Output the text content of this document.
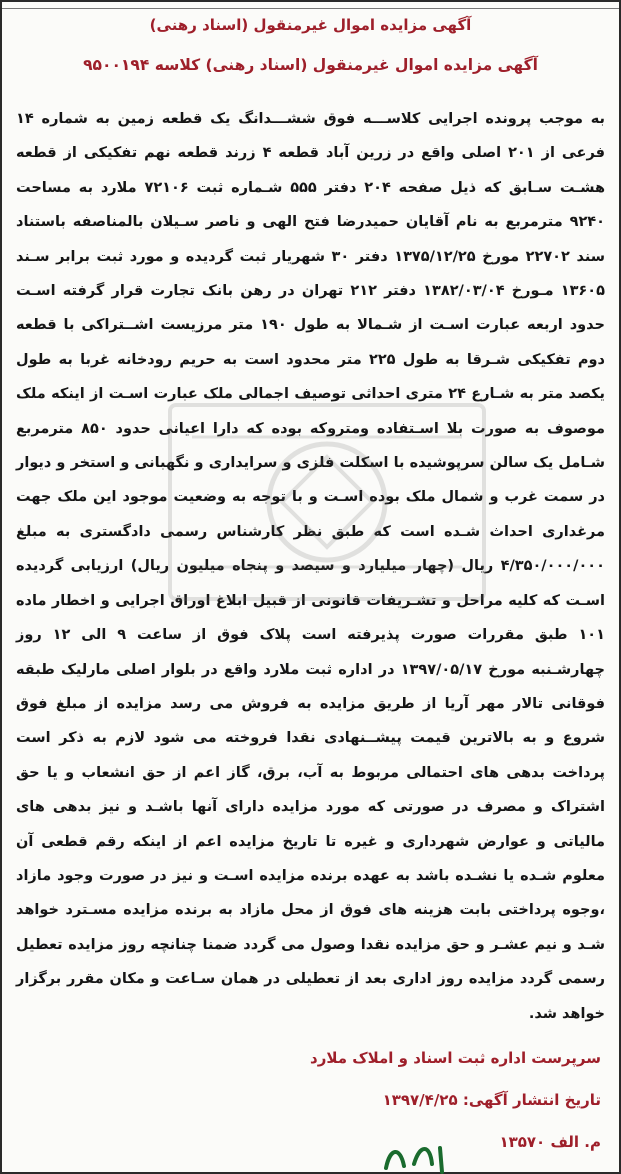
آگهی مزایده اموال غیرمنقول (اسناد رهنی)
آگهی مزایده اموال غیرمنقول (اسناد رهنی) کلاسه ۹۵۰۰۱۹۴
به موجب پرونده اجرایی کلاســـه فوق ششـــدانگ یک قطعه زمین به شماره ۱۴ فرعی از ۲۰۱ اصلی واقع در زرین آباد قطعه ۴ زرند قطعه نهم تفکیکی از قطعه هشـت سـابق که ذیل صفحه ۲۰۴ دفتر ۵۵۵ شـماره ثبت ۷۲۱۰۶ ملارد به مساحت ۹۲۴۰ مترمربع به نام آقایان حمیدرضا فتح الهی و ناصر سـیلان بالمناصفه باستناد سند ۲۲۷۰۲ مورخ ۱۳۷۵/۱۲/۲۵ دفتر ۳۰ شهریار ثبت گردیده و مورد ثبت برابر سـند ۱۳۶۰۵ مـورخ ۱۳۸۲/۰۳/۰۴ دفتر ۲۱۲ تهران در رهن بانک تجارت قرار گرفته اسـت حدود اربعه عبارت اسـت از شـمالا به طول ۱۹۰ متر مرزیست اشــتراکی با قطعه دوم تفکیکی شـرقا به طول ۲۲۵ متر محدود است به حریم رودخانه غربا به طول یکصد متر به شـارع ۲۴ متری احداثی توصیف اجمالی ملک عبارت اسـت از اینکه ملک موصوف به صورت بلا اسـتفاده ومتروکه بوده که دارا اعیانی حدود ۸۵۰ مترمربع شـامل یک سالن سرپوشیده با اسکلت فلزی و سرایداری و نگهبانی و استخر و دیوار در سمت غرب و شمال ملک بوده اسـت و با توجه به وضعیت موجود این ملک جهت مرغداری احداث شـده است که طبق نظر کارشناس رسمی دادگستری به مبلغ ۴/۳۵۰/۰۰۰/۰۰۰ ریال (چهار میلیارد و سیصد و پنجاه میلیون ریال) ارزیابی گردیده اسـت که کلیه مراحل و تشـریفات قانونی از قبیل ابلاغ اوراق اجرایی و اخطار ماده ۱۰۱ طبق مقررات صورت پذیرفته است پلاک فوق از ساعت ۹ الی ۱۲ روز چهارشـنبه مورخ ۱۳۹۷/۰۵/۱۷ در اداره ثبت ملارد واقع در بلوار اصلی مارلیک طبقه فوقانی تالار مهر آریا از طریق مزایده به فروش می رسد مزایده از مبلغ فوق شروع و به بالاترین قیمت پیشــنهادی نقدا فروخته می شود لازم به ذکر است پرداخت بدهی های احتمالی مربوط به آب، برق، گاز اعم از حق انشعاب و یا حق اشتراک و مصرف در صورتی که مورد مزایده دارای آنها باشـد و نیز بدهی های مالیاتی و عوارض شهرداری و غیره تا تاریخ مزایده اعم از اینکه رقم قطعی آن معلوم شـده یا نشـده باشد به عهده برنده مزایده اسـت و نیز در صورت وجود مازاد ،وجوه پرداختی بابت هزینه های فوق از محل مازاد به برنده مزایده مسـترد خواهد شـد و نیم عشـر و حق مزایده نقدا وصول می گردد ضمنا چنانچه روز مزایده تعطیل رسمی گردد مزایده روز اداری بعد از تعطیلی در همان سـاعت و مکان مقرر برگزار خواهد شد.
سرپرست اداره ثبت اسناد و املاک ملارد
تاریخ انتشار آگهی: ۱۳۹۷/۴/۲۵
م. الف ۱۳۵۷۰
